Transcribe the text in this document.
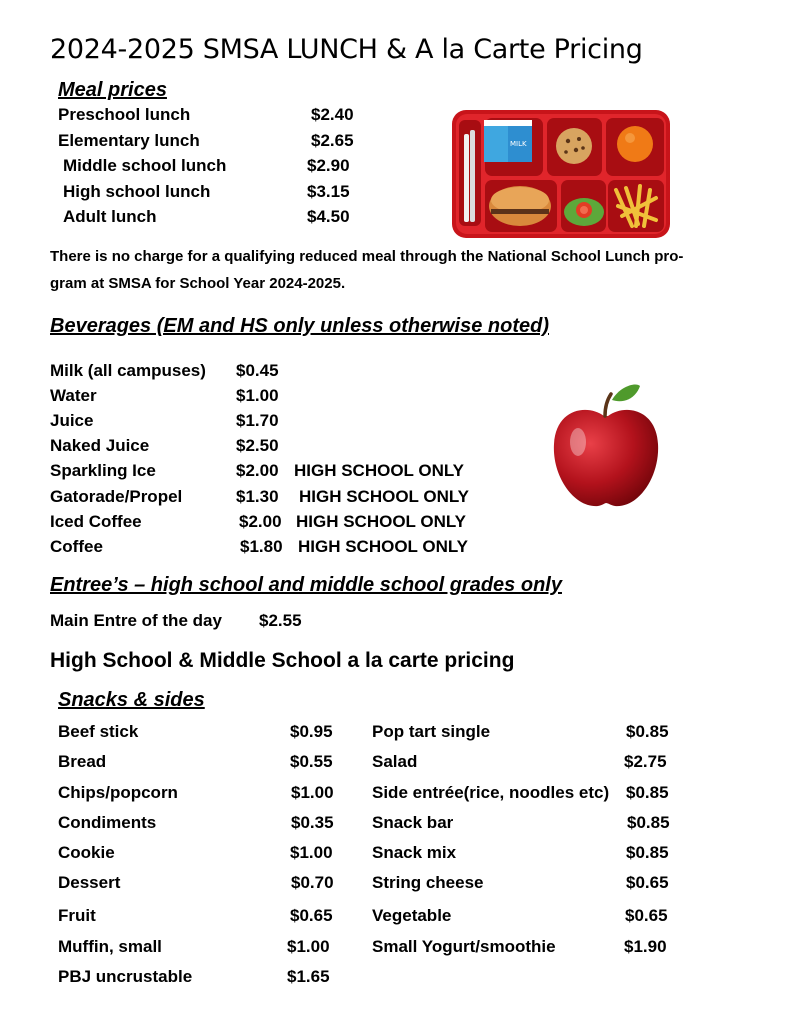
2024-2025 SMSA LUNCH & A la Carte Pricing
Meal prices
Preschool lunch	$2.40
Elementary lunch	$2.65
Middle school lunch	$2.90
High school lunch	$3.15
Adult lunch	$4.50
MILK
There is no charge for a qualifying reduced meal through the National School Lunch pro-
gram at SMSA for School Year 2024-2025.
Beverages (EM and HS only unless otherwise noted)
Milk (all campuses) $0.45
Water	$1.00
Juice	$1.70
Naked Juice	$2.50
Sparkling Ice	$2.00 HIGH SCHOOL ONLY
Gatorade/Propel	$1.30 HIGH SCHOOL ONLY
Iced Coffee	$2.00 HIGH SCHOOL ONLY
Coffee	$1.80 HIGH SCHOOL ONLY
Entree’s – high school and middle school grades only
Main Entre of the day $2.55
High School & Middle School a la carte pricing
Snacks & sides
Beef stick	$0.95
Bread	$0.55
Chips/popcorn	$1.00
Condiments	$0.35
Cookie	$1.00
Dessert	$0.70
Fruit	$0.65
Muffin, small	$1.00
PBJ uncrustable	$1.65
Pop tart single	$0.85
Salad	$2.75
Side entrée(rice, noodles etc) $0.85
Snack bar	$0.85
Snack mix	$0.85
String cheese	$0.65
Vegetable	$0.65
Small Yogurt/smoothie	$1.90
